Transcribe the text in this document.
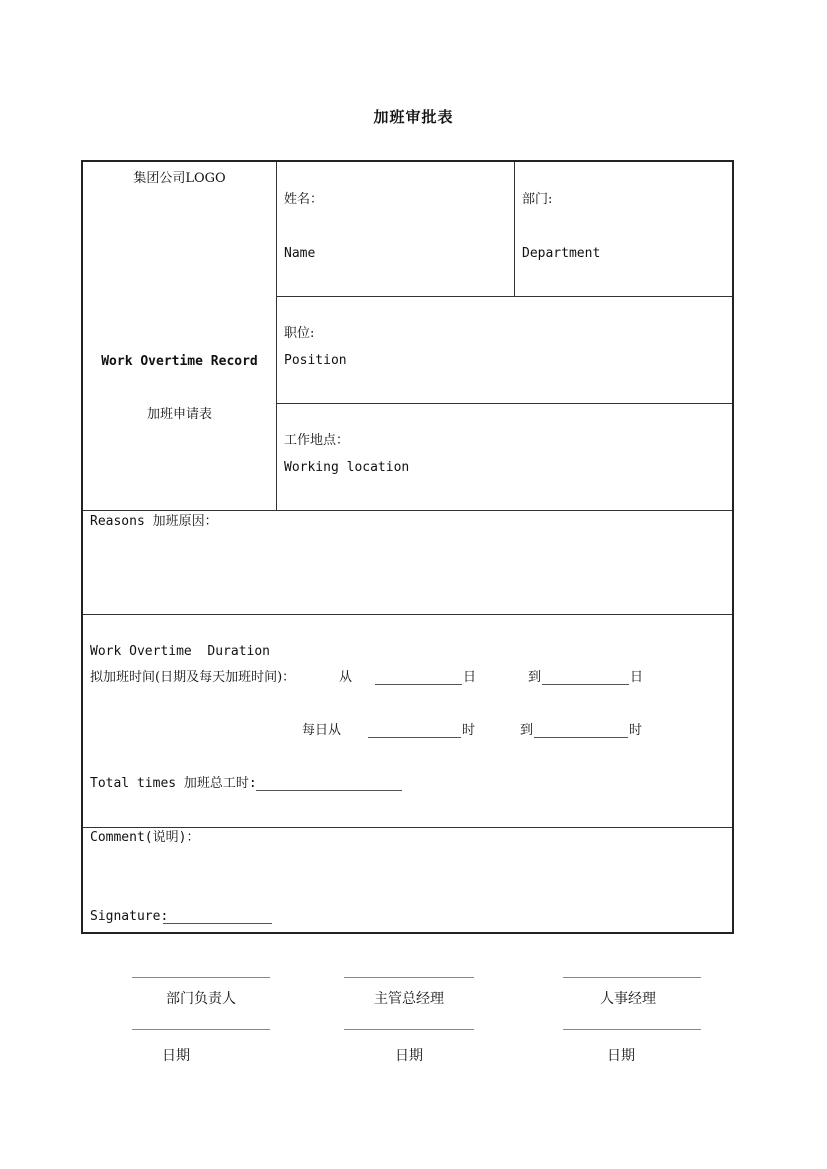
加班审批表
集团公司LOGO
Work Overtime Record
加班申请表
姓名：
Name
部门:
Department
职位:
Position
工作地点：
Working location
Reasons 加班原因：
Work Overtime  Duration
拟加班时间(日期及每天加班时间)：	从	日	到	日
每日从	时	到	时
Total times 加班总工时:
Comment(说明)：
Signature:
部门负责人
日期
主管总经理
日期
人事经理
日期
